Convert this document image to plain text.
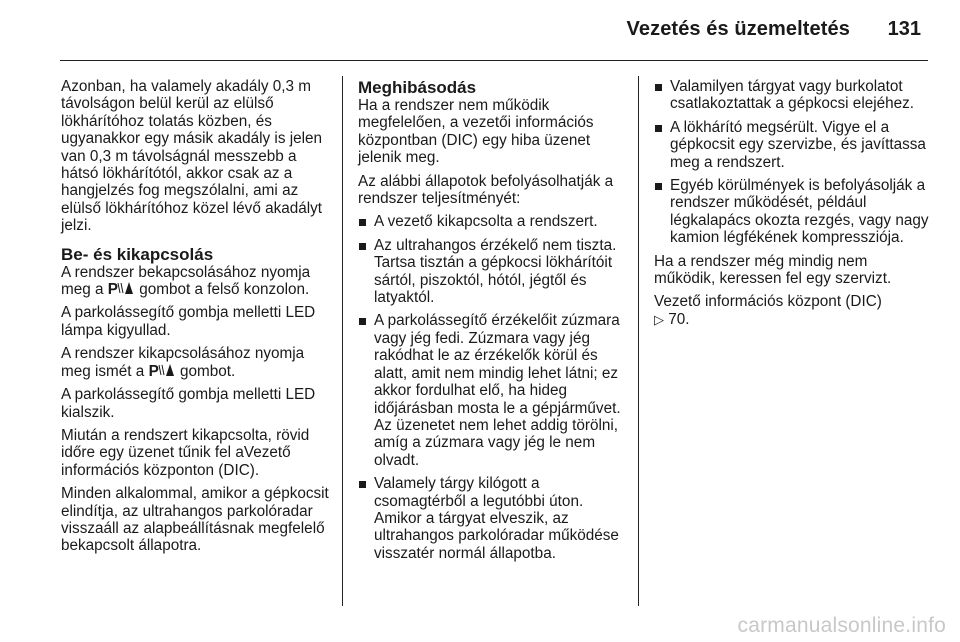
Vezetés és üzemeltetés	131

Azonban, ha valamely akadály 0,3 m távolságon belül kerül az elülső lökhárítóhoz tolatás közben, és ugyanakkor egy másik akadály is jelen van 0,3 m távolságnál messzebb a hátsó lökhárítótól, akkor csak az a hangjelzés fog megszólalni, ami az elülső lökhárítóhoz közel lévő akadályt jelzi.

Be- és kikapcsolás

A rendszer bekapcsolásához nyomja meg a P gombot a felső konzolon.

A parkolássegítő gombja melletti LED lámpa kigyullad.

A rendszer kikapcsolásához nyomja meg ismét a P gombot.

A parkolássegítő gombja melletti LED kialszik.

Miután a rendszert kikapcsolta, rövid időre egy üzenet tűnik fel aVezető információs központon (DIC).

Minden alkalommal, amikor a gépkocsit elindítja, az ultrahangos parkolóradar visszaáll az alapbeállításnak megfelelő bekapcsolt állapotra.

Meghibásodás

Ha a rendszer nem működik megfelelően, a vezetői információs központban (DIC) egy hiba üzenet jelenik meg.

Az alábbi állapotok befolyásolhatják a rendszer teljesítményét:

A vezető kikapcsolta a rendszert.
Az ultrahangos érzékelő nem tiszta. Tartsa tisztán a gépkocsi lökhárítóit sártól, piszoktól, hótól, jégtől és latyaktól.
A parkolássegítő érzékelőit zúzmara vagy jég fedi. Zúzmara vagy jég rakódhat le az érzékelők körül és alatt, amit nem mindig lehet látni; ez akkor fordulhat elő, ha hideg időjárásban mosta le a gépjárművet. Az üzenetet nem lehet addig törölni, amíg a zúzmara vagy jég le nem olvadt.
Valamely tárgy kilógott a csomagtérből a legutóbbi úton. Amikor a tárgyat elveszik, az ultrahangos parkolóradar működése visszatér normál állapotba.
Valamilyen tárgyat vagy burkolatot csatlakoztattak a gépkocsi elejéhez.
A lökhárító megsérült. Vigye el a gépkocsit egy szervizbe, és javíttassa meg a rendszert.
Egyéb körülmények is befolyásolják a rendszer működését, például légkalapács okozta rezgés, vagy nagy kamion légfékének kompressziója.

Ha a rendszer még mindig nem működik, keressen fel egy szervizt.

Vezető információs központ (DIC)
▷ 70.

carmanualsonline.info
